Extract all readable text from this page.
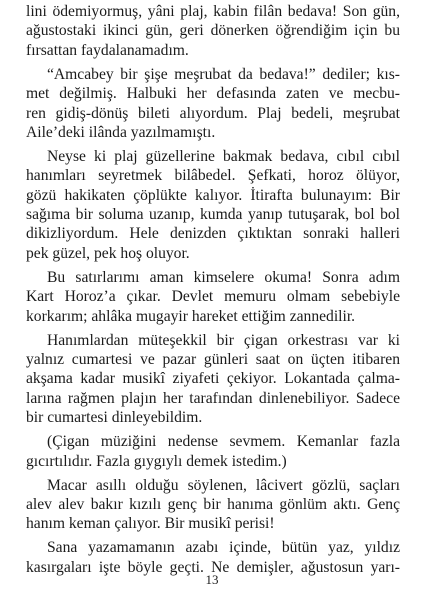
lini ödemiyormuş, yâni plaj, kabin filân bedava! Son gün,
ağustostaki ikinci gün, geri dönerken öğrendiğim için bu
fırsattan faydalanamadım.
“Amcabey bir şişe meşrubat da bedava!” dediler; kıs-
met değilmiş. Halbuki her defasında zaten ve mecbu-
ren gidiş-dönüş bileti alıyordum. Plaj bedeli, meşrubat
Aile’deki ilânda yazılmamıştı.
Neyse ki plaj güzellerine bakmak bedava, cıbıl cıbıl
hanımları seyretmek bilâbedel. Şefkati, horoz ölüyor,
gözü hakikaten çöplükte kalıyor. İtirafta bulunayım: Bir
sağıma bir soluma uzanıp, kumda yanıp tutuşarak, bol bol
dikizliyordum. Hele denizden çıktıktan sonraki halleri
pek güzel, pek hoş oluyor.
Bu satırlarımı aman kimselere okuma! Sonra adım
Kart Horoz’a çıkar. Devlet memuru olmam sebebiyle
korkarım; ahlâka mugayir hareket ettiğim zannedilir.
Hanımlardan müteşekkil bir çigan orkestrası var ki
yalnız cumartesi ve pazar günleri saat on üçten itibaren
akşama kadar musikî ziyafeti çekiyor. Lokantada çalma-
larına rağmen plajın her tarafından dinlenebiliyor. Sadece
bir cumartesi dinleyebildim.
(Çigan müziğini nedense sevmem. Kemanlar fazla
gıcırtılıdır. Fazla gıygıylı demek istedim.)
Macar asıllı olduğu söylenen, lâcivert gözlü, saçları
alev alev bakır kızılı genç bir hanıma gönlüm aktı. Genç
hanım keman çalıyor. Bir musikî perisi!
Sana yazamamanın azabı içinde, bütün yaz, yıldız
kasırgaları işte böyle geçti. Ne demişler, ağustosun yarı-
13
